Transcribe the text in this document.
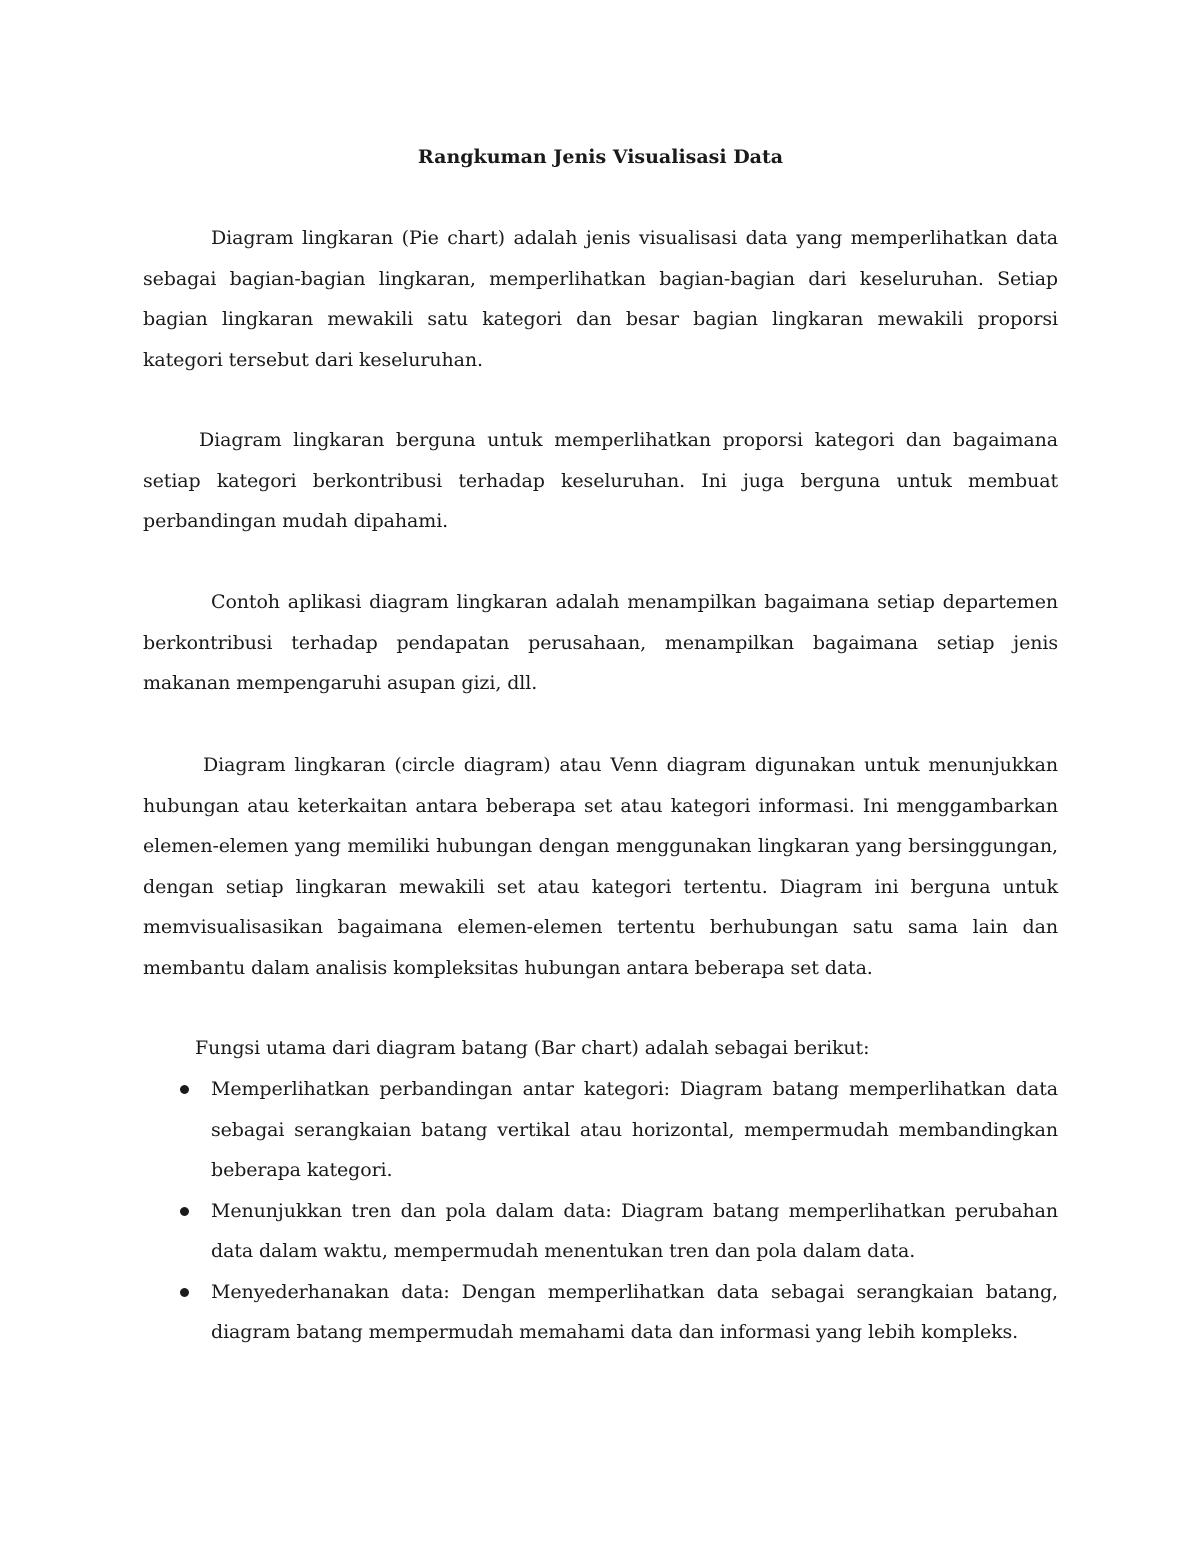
Rangkuman Jenis Visualisasi Data

Diagram lingkaran (Pie chart) adalah jenis visualisasi data yang memperlihatkan data sebagai bagian-bagian lingkaran, memperlihatkan bagian-bagian dari keseluruhan. Setiap bagian lingkaran mewakili satu kategori dan besar bagian lingkaran mewakili proporsi kategori tersebut dari keseluruhan.

Diagram lingkaran berguna untuk memperlihatkan proporsi kategori dan bagaimana setiap kategori berkontribusi terhadap keseluruhan. Ini juga berguna untuk membuat perbandingan mudah dipahami.

Contoh aplikasi diagram lingkaran adalah menampilkan bagaimana setiap departemen berkontribusi terhadap pendapatan perusahaan, menampilkan bagaimana setiap jenis makanan mempengaruhi asupan gizi, dll.

Diagram lingkaran (circle diagram) atau Venn diagram digunakan untuk menunjukkan hubungan atau keterkaitan antara beberapa set atau kategori informasi. Ini menggambarkan elemen-elemen yang memiliki hubungan dengan menggunakan lingkaran yang bersinggungan, dengan setiap lingkaran mewakili set atau kategori tertentu. Diagram ini berguna untuk memvisualisasikan bagaimana elemen-elemen tertentu berhubungan satu sama lain dan membantu dalam analisis kompleksitas hubungan antara beberapa set data.

Fungsi utama dari diagram batang (Bar chart) adalah sebagai berikut:

Memperlihatkan perbandingan antar kategori: Diagram batang memperlihatkan data sebagai serangkaian batang vertikal atau horizontal, mempermudah membandingkan beberapa kategori.
Menunjukkan tren dan pola dalam data: Diagram batang memperlihatkan perubahan data dalam waktu, mempermudah menentukan tren dan pola dalam data.
Menyederhanakan data: Dengan memperlihatkan data sebagai serangkaian batang, diagram batang mempermudah memahami data dan informasi yang lebih kompleks.
